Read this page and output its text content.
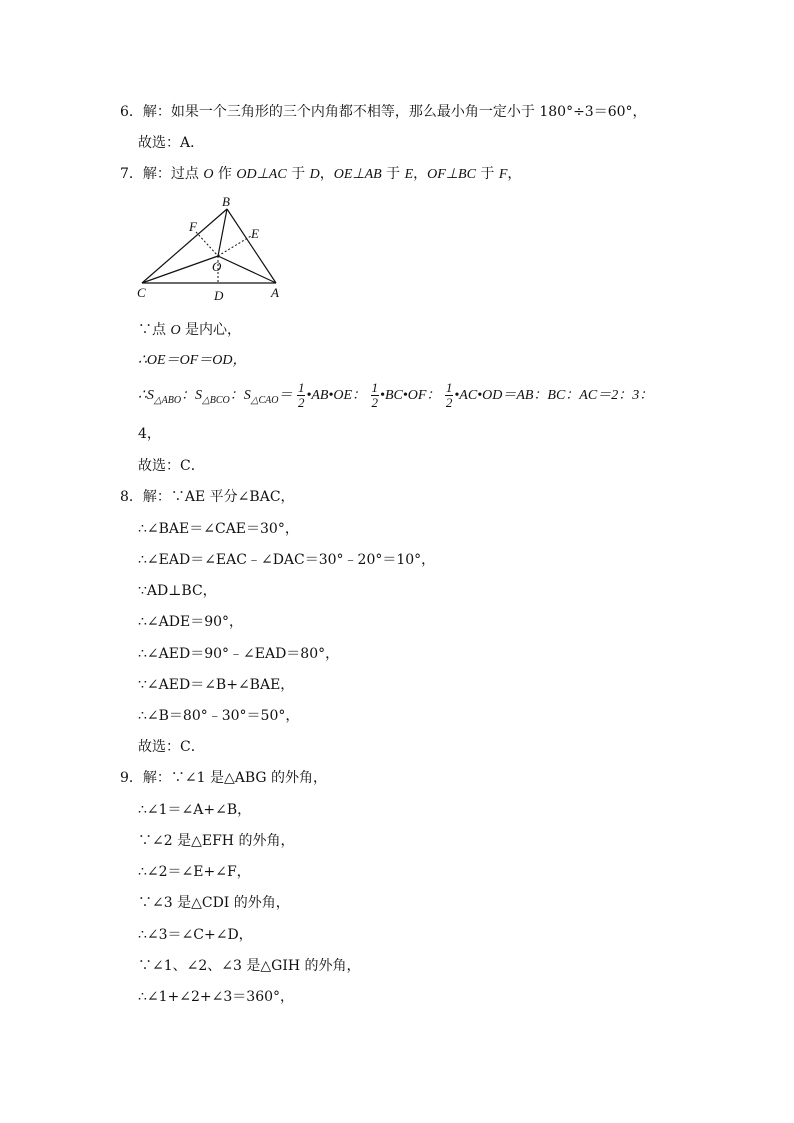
6．解：如果一个三角形的三个内角都不相等，那么最小角一定小于 180°÷3＝60°，
故选：A．
7．解：过点 O 作 OD⊥AC 于 D，OE⊥AB 于 E，OF⊥BC 于 F，
B
F	E
O
C	D	A
∵点 O 是内心，
∴OE＝OF＝OD，
$\therefore S_{\triangle ABO}$：$S_{\triangle BCO}$：$S_{\triangle CAO}= \frac{1}{2}$ •AB•OE： $\frac{1}{2}$ •BC•OF： $\frac{1}{2}$ •AC•OD＝AB：BC：AC＝2：3：
4，
故选：C．
8．解：∵AE 平分∠BAC，
∴∠BAE＝∠CAE＝30°，
∴∠EAD＝∠EAC﹣∠DAC＝30°﹣20°＝10°，
∵AD⊥BC，
∴∠ADE＝90°，
∴∠AED＝90°﹣∠EAD＝80°，
∵∠AED＝∠B+∠BAE，
∴∠B＝80°﹣30°＝50°，
故选：C．
9．解：∵∠1 是△ABG 的外角，
∴∠1＝∠A+∠B，
∵∠2 是△EFH 的外角，
∴∠2＝∠E+∠F，
∵∠3 是△CDI 的外角，
∴∠3＝∠C+∠D，
∵∠1、∠2、∠3 是△GIH 的外角，
∴∠1+∠2+∠3＝360°，
